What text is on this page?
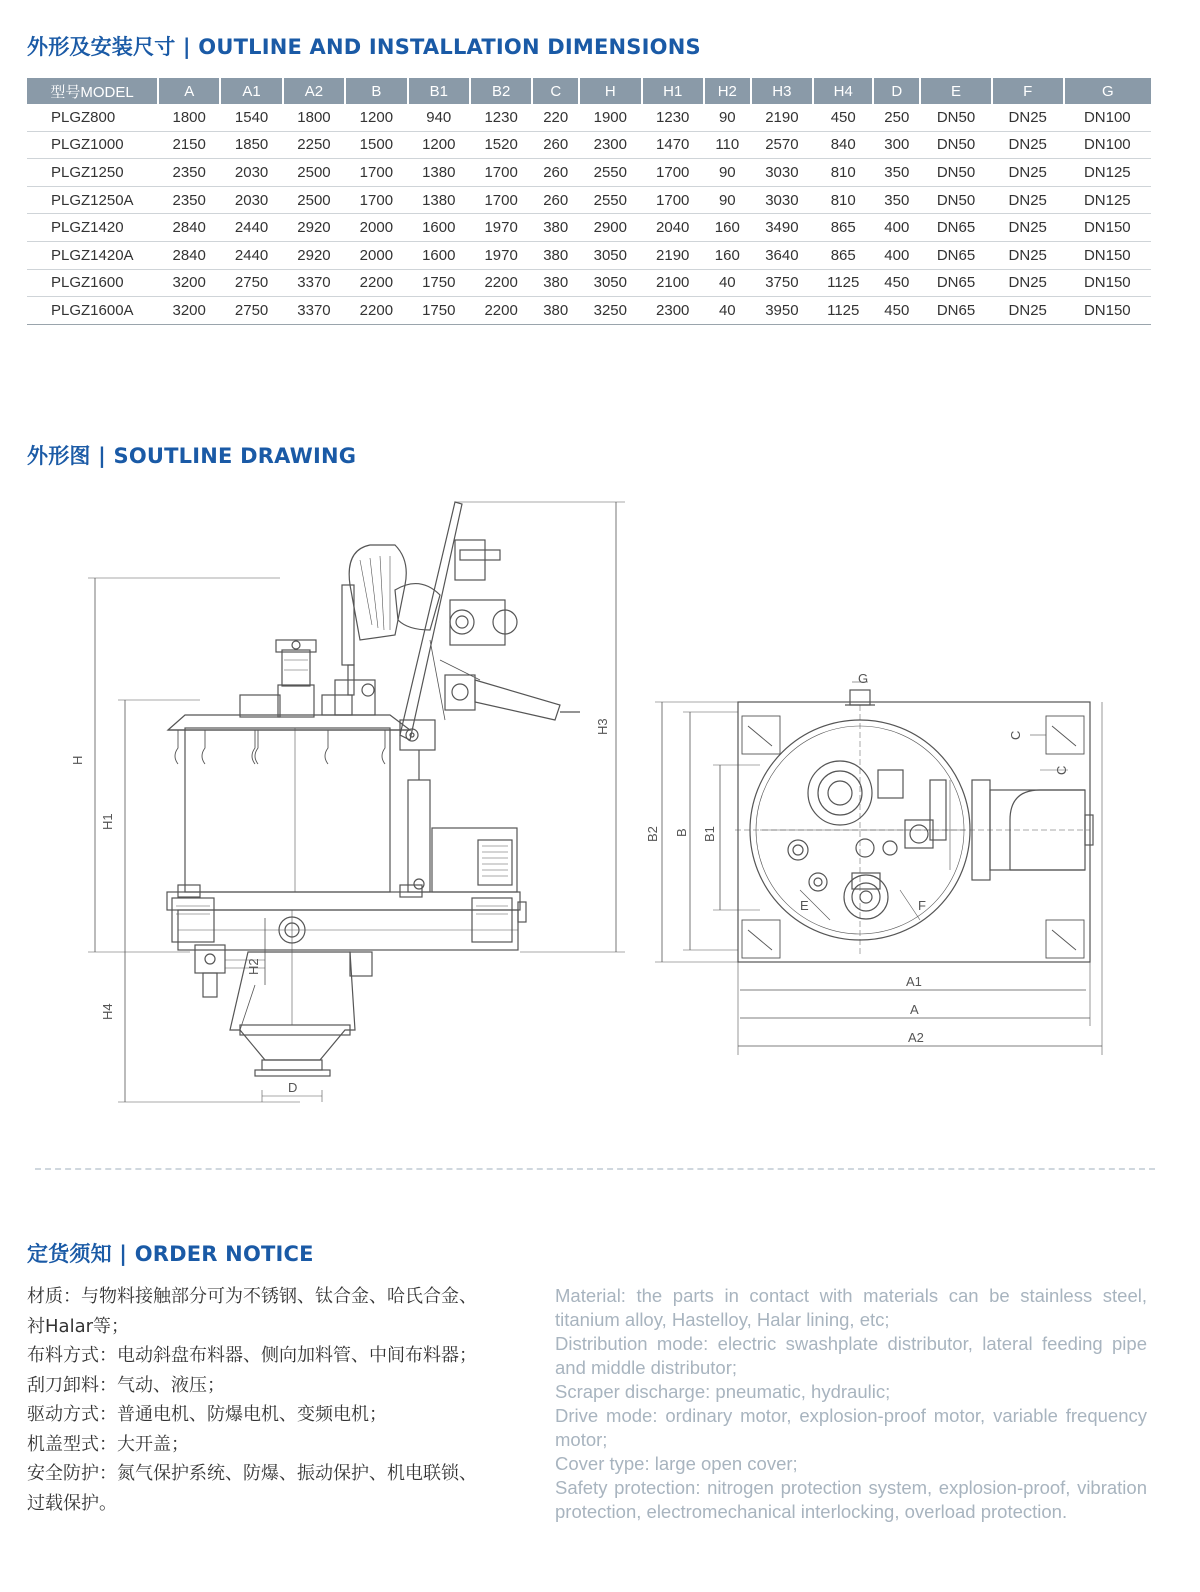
外形及安装尺寸 | OUTLINE AND INSTALLATION DIMENSIONS
型号MODEL	A	A1	A2	B	B1	B2	C	H	H1	H2	H3	H4	D	E	F	G
PLGZ800	1800	1540	1800	1200	940	1230	220	1900	1230	90	2190	450	250	DN50	DN25	DN100
PLGZ1000	2150	1850	2250	1500	1200	1520	260	2300	1470	110	2570	840	300	DN50	DN25	DN100
PLGZ1250	2350	2030	2500	1700	1380	1700	260	2550	1700	90	3030	810	350	DN50	DN25	DN125
PLGZ1250A	2350	2030	2500	1700	1380	1700	260	2550	1700	90	3030	810	350	DN50	DN25	DN125
PLGZ1420	2840	2440	2920	2000	1600	1970	380	2900	2040	160	3490	865	400	DN65	DN25	DN150
PLGZ1420A	2840	2440	2920	2000	1600	1970	380	3050	2190	160	3640	865	400	DN65	DN25	DN150
PLGZ1600	3200	2750	3370	2200	1750	2200	380	3050	2100	40	3750	1125	450	DN65	DN25	DN150
PLGZ1600A	3200	2750	3370	2200	1750	2200	380	3250	2300	40	3950	1125	450	DN65	DN25	DN150
外形图 | SOUTLINE DRAWING
H
H1
H4
H2
H3
D
G
C
C
B2 B B1
E	F
A1
A
A2
定货须知 | ORDER NOTICE

材质：与物料接触部分可为不锈钢、钛合金、哈氏合金、衬Halar等；

布料方式：电动斜盘布料器、侧向加料管、中间布料器；

刮刀卸料：气动、液压；

驱动方式：普通电机、防爆电机、变频电机；

机盖型式：大开盖；

安全防护：氮气保护系统、防爆、振动保护、机电联锁、过载保护。

Material: the parts in contact with materials can be stainless steel, titanium alloy, Hastelloy, Halar lining, etc;

Distribution mode: electric swashplate distributor, lateral feeding pipe and middle distributor;

Scraper discharge: pneumatic, hydraulic;

Drive mode: ordinary motor, explosion-proof motor, variable frequency motor;

Cover type: large open cover;

Safety protection: nitrogen protection system, explosion-proof, vibration protection, electromechanical interlocking, overload protection.
